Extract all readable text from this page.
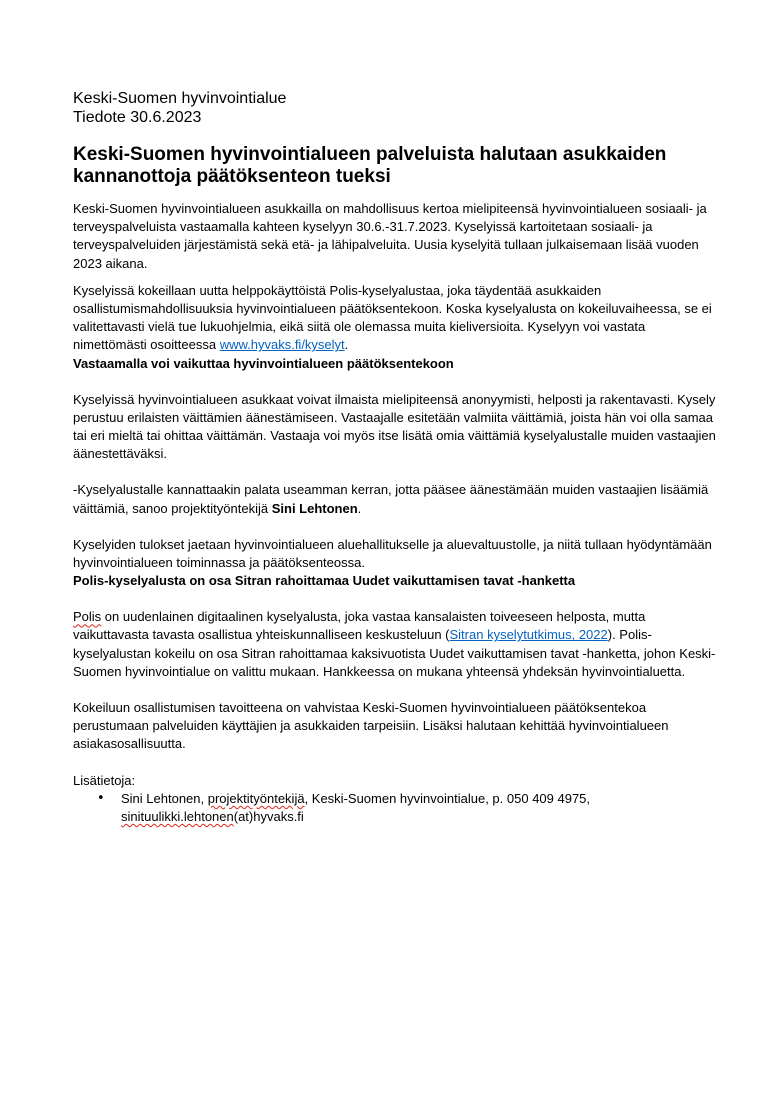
Keski-Suomen hyvinvointialue

Tiedote 30.6.2023

Keski-Suomen hyvinvointialueen palveluista halutaan asukkaiden kannanottoja päätöksenteon tueksi

Keski-Suomen hyvinvointialueen asukkailla on mahdollisuus kertoa mielipiteensä hyvinvointialueen sosiaali- ja terveyspalveluista vastaamalla kahteen kyselyyn 30.6.-31.7.2023. Kyselyissä kartoitetaan sosiaali- ja terveyspalveluiden järjestämistä sekä etä- ja lähipalveluita. Uusia kyselyitä tullaan julkaisemaan lisää vuoden 2023 aikana.

Kyselyissä kokeillaan uutta helppokäyttöistä Polis-kyselyalustaa, joka täydentää asukkaiden osallistumismahdollisuuksia hyvinvointialueen päätöksentekoon. Koska kyselyalusta on kokeiluvaiheessa, se ei valitettavasti vielä tue lukuohjelmia, eikä siitä ole olemassa muita kieliversioita. Kyselyyn voi vastata nimettömästi osoitteessa www.hyvaks.fi/kyselyt.

Vastaamalla voi vaikuttaa hyvinvointialueen päätöksentekoon

Kyselyissä hyvinvointialueen asukkaat voivat ilmaista mielipiteensä anonyymisti, helposti ja rakentavasti. Kysely perustuu erilaisten väittämien äänestämiseen. Vastaajalle esitetään valmiita väittämiä, joista hän voi olla samaa tai eri mieltä tai ohittaa väittämän. Vastaaja voi myös itse lisätä omia väittämiä kyselyalustalle muiden vastaajien äänestettäväksi.

-Kyselyalustalle kannattaakin palata useamman kerran, jotta pääsee äänestämään muiden vastaajien lisäämiä väittämiä, sanoo projektityöntekijä Sini Lehtonen.

Kyselyiden tulokset jaetaan hyvinvointialueen aluehallitukselle ja aluevaltuustolle, ja niitä tullaan hyödyntämään hyvinvointialueen toiminnassa ja päätöksenteossa.

Polis-kyselyalusta on osa Sitran rahoittamaa Uudet vaikuttamisen tavat -hanketta

Polis on uudenlainen digitaalinen kyselyalusta, joka vastaa kansalaisten toiveeseen helposta, mutta vaikuttavasta tavasta osallistua yhteiskunnalliseen keskusteluun (Sitran kyselytutkimus, 2022). Polis-kyselyalustan kokeilu on osa Sitran rahoittamaa kaksivuotista Uudet vaikuttamisen tavat -hanketta, johon Keski-Suomen hyvinvointialue on valittu mukaan. Hankkeessa on mukana yhteensä yhdeksän hyvinvointialuetta.

Kokeiluun osallistumisen tavoitteena on vahvistaa Keski-Suomen hyvinvointialueen päätöksentekoa perustumaan palveluiden käyttäjien ja asukkaiden tarpeisiin. Lisäksi halutaan kehittää hyvinvointialueen asiakasosallisuutta.

Lisätietoja:

• Sini Lehtonen, projektityöntekijä, Keski-Suomen hyvinvointialue, p. 050 409 4975,
sinituulikki.lehtonen(at)hyvaks.fi
